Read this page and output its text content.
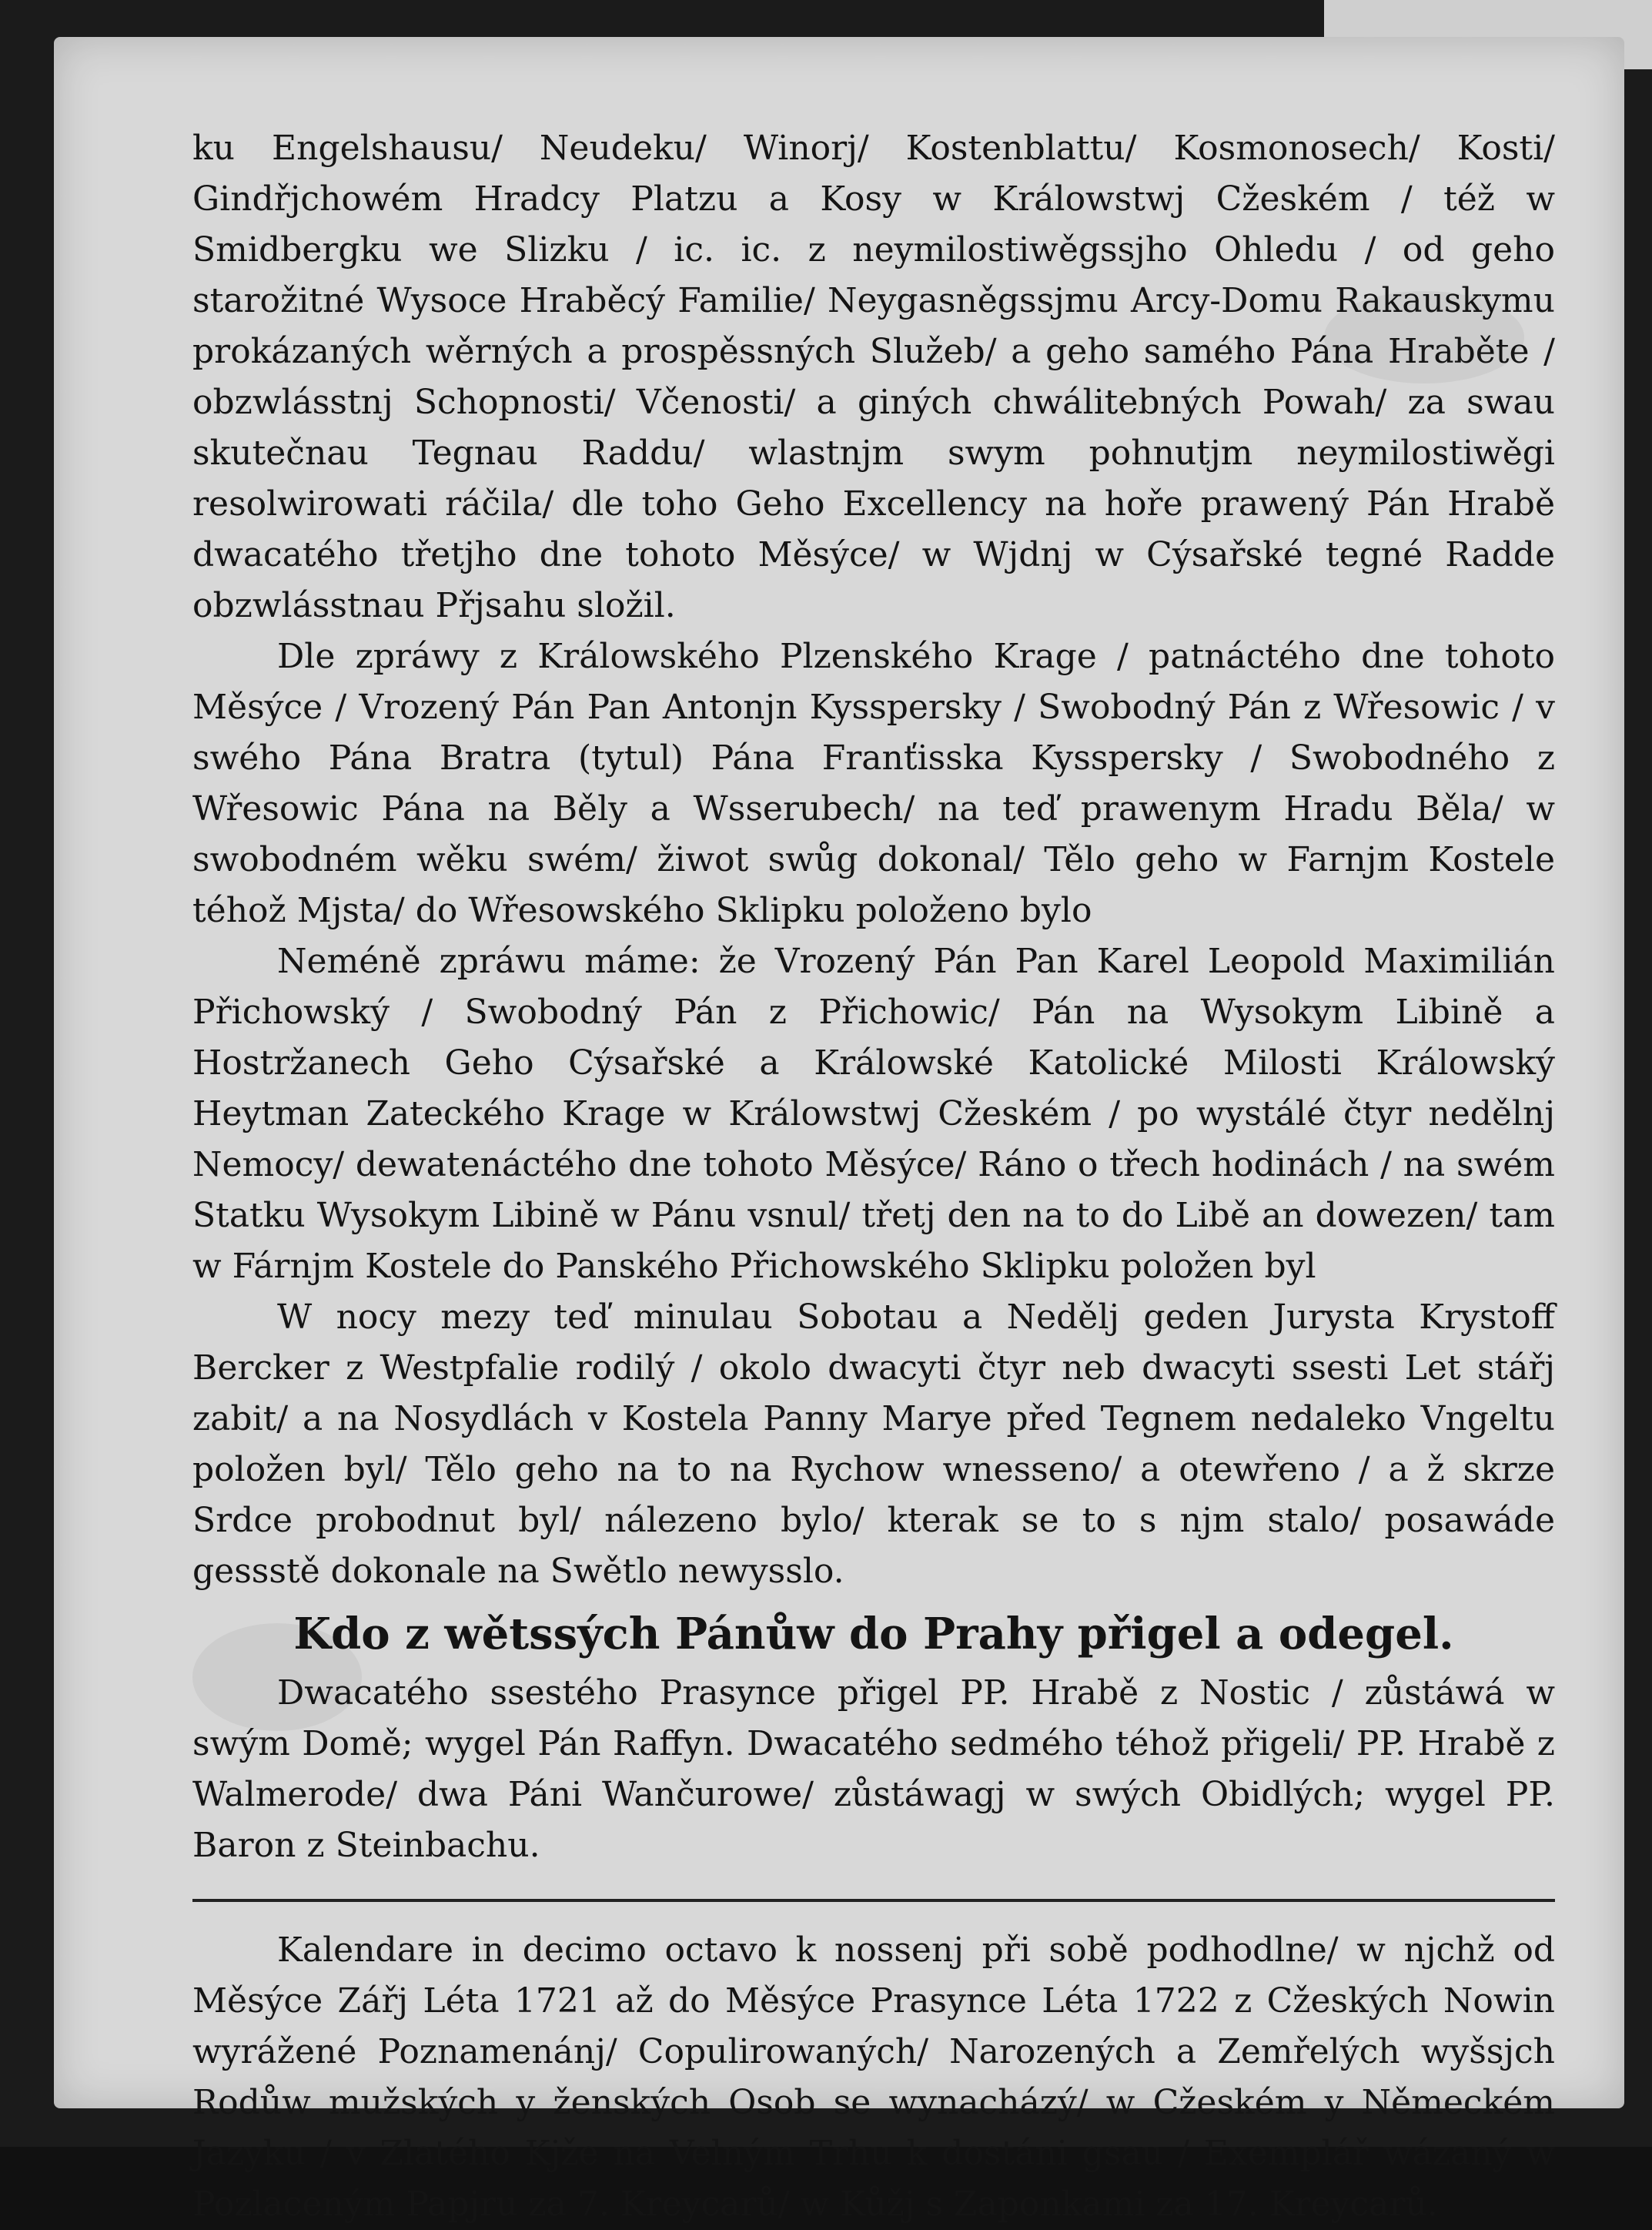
ku Engelshausu/ Neudeku/ Winorj/ Kostenblattu/ Kosmonosech/ Kosti/ Gindřjchowém Hradcy Platzu a Kosy w Králowstwj Cžeském / též w Smidbergku we Slizku / ic. ic. z neymilostiwěgssjho Ohledu / od geho starožitné Wysoce Hraběcý Familie/ Neygasněgssjmu Arcy-Domu Rakauskymu prokázaných wěrných a prospěssných Služeb/ a geho samého Pána Hraběte / obzwlásstnj Schopnosti/ Včenosti/ a giných chwálitebných Powah/ za swau skutečnau Tegnau Raddu/ wlastnjm swym pohnutjm neymilostiwěgi resolwirowati ráčila/ dle toho Geho Excellency na hoře prawený Pán Hrabě dwacatého třetjho dne tohoto Měsýce/ w Wjdnj w Cýsařské tegné Radde obzwlásstnau Přjsahu složil.

Dle zpráwy z Králowského Plzenského Krage / patnáctého dne tohoto Měsýce / Vrozený Pán Pan Antonjn Kysspersky / Swobodný Pán z Wřesowic / v swého Pána Bratra (tytul) Pána Franťisska Kysspersky / Swobodného z Wřesowic Pána na Běly a Wsserubech/ na teď prawenym Hradu Běla/ w swobodném wěku swém/ žiwot swůg dokonal/ Tělo geho w Farnjm Kostele téhož Mjsta/ do Wřesowského Sklipku položeno bylo

Neméně zpráwu máme: že Vrozený Pán Pan Karel Leopold Maximilián Přichowský / Swobodný Pán z Přichowic/ Pán na Wysokym Libině a Hostržanech Geho Cýsařské a Králowské Katolické Milosti Králowský Heytman Zateckého Krage w Králowstwj Cžeském / po wystálé čtyr nedělnj Nemocy/ dewatenáctého dne tohoto Měsýce/ Ráno o třech hodinách / na swém Statku Wysokym Libině w Pánu vsnul/ třetj den na to do Libě an dowezen/ tam w Fárnjm Kostele do Panského Přichowského Sklipku položen byl

W nocy mezy teď minulau Sobotau a Nedělj geden Jurysta Krystoff Bercker z Westpfalie rodilý / okolo dwacyti čtyr neb dwacyti ssesti Let stářj zabit/ a na Nosydlách v Kostela Panny Marye před Tegnem nedaleko Vngeltu položen byl/ Tělo geho na to na Rychow wnessenо/ a otewřeno / a ž skrze Srdce probodnut byl/ nálezeno bylo/ kterak se to s njm stalo/ posawáde gessstě dokonale na Swětlo newysslo.

Kdo z wětssých Pánůw do Prahy přigel a odegel.

Dwacatého ssestého Prasynce přigel PP. Hrabě z Nostic / zůstáwá w swým Domě; wygel Pán Raffyn. Dwacatého sedmého téhož přigeli/ PP. Hrabě z Walmerode/ dwa Páni Wančurowe/ zůstáwagj w swých Obidlých; wygel PP. Baron z Steinbachu.

Kalendare in decimo octavo k nossenj při sobě podhodlne/ w njchž od Měsýce Zářj Léta 1721 až do Měsýce Prasynce Léta 1722 z Cžeských Nowin wyrážené Poznamenánj/ Copulirowaných/ Narozených a Zemřelých wyšsjch Rodůw mužských y ženských Osob se wynacházý/ w Cžeském y Německém Jazyku / v Zlatého Kjže na Velným Trhu k dostáni gsau / Exemplář wázaný w Pozlaceným Papjru za 7. Kreycarů/ w Kůžj s Zaponkami za 17. Kreycarů.
